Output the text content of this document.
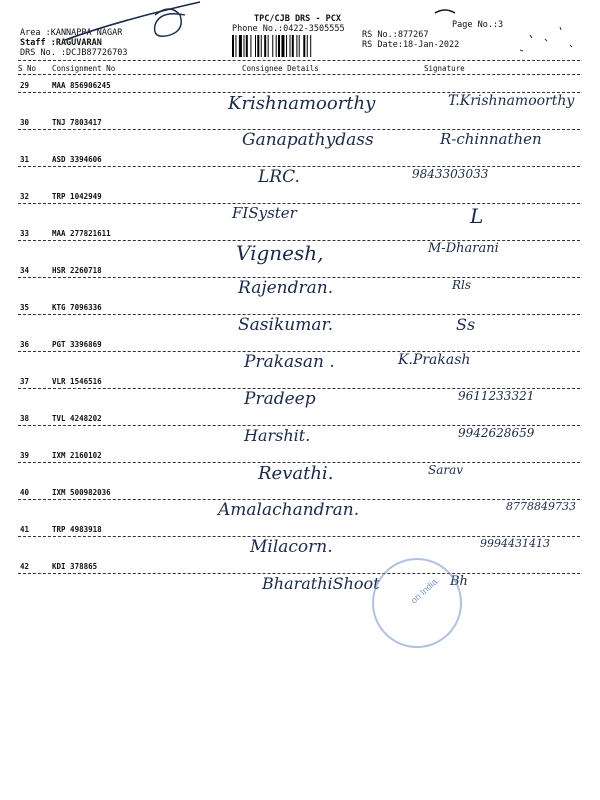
Area :KANNAPPA NAGAR
Staff :RAGUVARAN
DRS No. :DCJB87726703
TPC/CJB DRS - PCX
Phone No.:0422-3505555
RS No.:877267
RS Date:18-Jan-2022
Page No.:3
S No Consignment No	Consignee Details	Signature
29	MAA 856906245
Krishnamoorthy	T.Krishnamoorthy
30	TNJ 7803417
Ganapathydass	R-chinnathen
31	ASD 3394606
LRC.	9843303033
32	TRP 1042949
FISyster	L
33	MAA 277821611
Vignesh,	M-Dharani
34	HSR 2260718
Rajendran.	Rls
35	KTG 7096336
Sasikumar.	Ss
36	PGT 3396869
Prakasan .	K.Prakash
37	VLR 1546516
Pradeep	9611233321
38	TVL 4248202
Harshit.	9942628659
39	IXM 2160102
Revathi.	Sarav
40	IXM 500982036
Amalachandran.	8778849733
41	TRP 4983918
Milacorn.	9994431413
42	KDI 378865
BharathiShoot	Bh
on India
